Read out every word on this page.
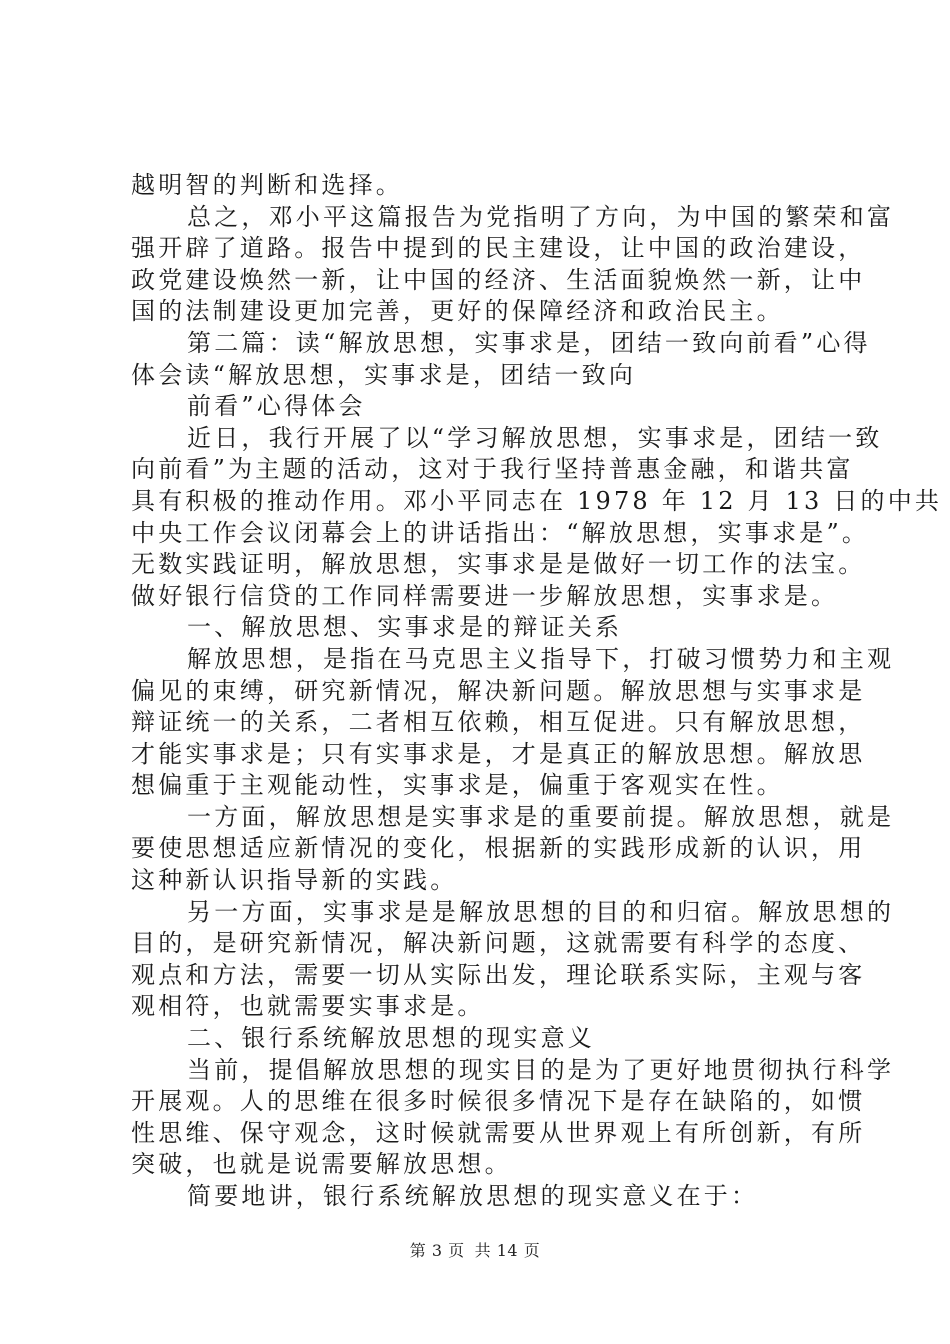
越明智的判断和选择。
总之，邓小平这篇报告为党指明了方向，为中国的繁荣和富
强开辟了道路。报告中提到的民主建设，让中国的政治建设，
政党建设焕然一新，让中国的经济、生活面貌焕然一新，让中
国的法制建设更加完善，更好的保障经济和政治民主。
第二篇：读“解放思想，实事求是，团结一致向前看”心得
体会读“解放思想，实事求是，团结一致向
前看”心得体会
近日，我行开展了以“学习解放思想，实事求是，团结一致
向前看”为主题的活动，这对于我行坚持普惠金融，和谐共富
具有积极的推动作用。邓小平同志在 1978 年 12 月 13 日的中共
中央工作会议闭幕会上的讲话指出：“解放思想，实事求是”。
无数实践证明，解放思想，实事求是是做好一切工作的法宝。
做好银行信贷的工作同样需要进一步解放思想，实事求是。
一、解放思想、实事求是的辩证关系
解放思想，是指在马克思主义指导下，打破习惯势力和主观
偏见的束缚，研究新情况，解决新问题。解放思想与实事求是
辩证统一的关系，二者相互依赖，相互促进。只有解放思想，
才能实事求是；只有实事求是，才是真正的解放思想。解放思
想偏重于主观能动性，实事求是，偏重于客观实在性。
一方面，解放思想是实事求是的重要前提。解放思想，就是
要使思想适应新情况的变化，根据新的实践形成新的认识，用
这种新认识指导新的实践。
另一方面，实事求是是解放思想的目的和归宿。解放思想的
目的，是研究新情况，解决新问题，这就需要有科学的态度、
观点和方法，需要一切从实际出发，理论联系实际，主观与客
观相符，也就需要实事求是。
二、银行系统解放思想的现实意义
当前，提倡解放思想的现实目的是为了更好地贯彻执行科学
开展观。人的思维在很多时候很多情况下是存在缺陷的，如惯
性思维、保守观念，这时候就需要从世界观上有所创新，有所
突破，也就是说需要解放思想。
简要地讲，银行系统解放思想的现实意义在于：
第 3 页 共 14 页
